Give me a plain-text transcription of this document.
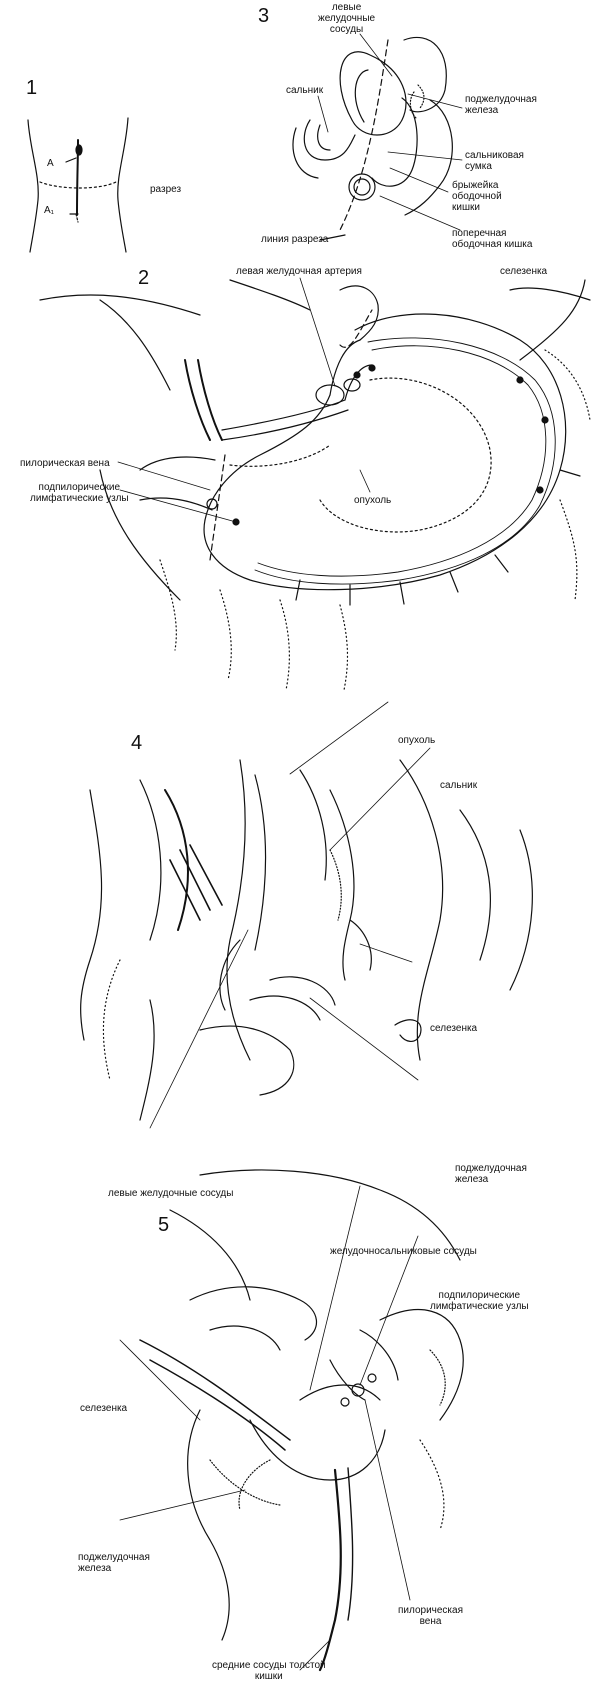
1
3
2
4
5
A
A₁
разрез
левые
желудочные
сосуды
сальник
поджелудочная
железа
сальниковая
сумка
брыжейка
ободочной
кишки
линия разреза
поперечная
ободочная кишка
левая желудочная артерия	селезенка
пилорическая вена
подпилорические
лимфатические узлы	опухоль
опухоль
сальник
селезенка
поджелудочная
железа
левые желудочные сосуды
желудочносальниковые сосуды
подпилорические
лимфатические узлы
селезенка
поджелудочная
железа
пилорическая
вена
средние сосуды толстой
кишки
